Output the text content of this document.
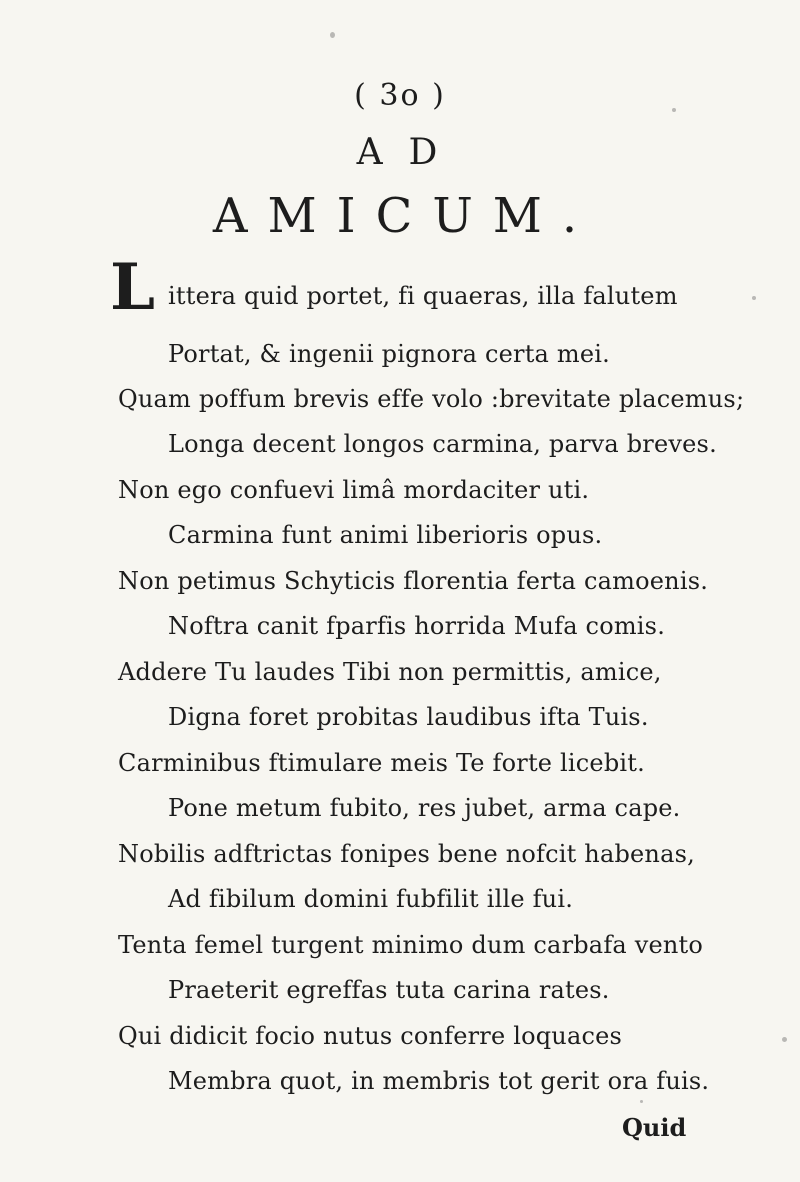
( 3o )
AD
AMICUM.
L ittera quid portet, fi quaeras, illa falutem
Portat, & ingenii pignora certa mei.
Quam poffum brevis effe volo :brevitate placemus;
Longa decent longos carmina, parva breves.
Non ego confuevi limâ mordaciter uti.
Carmina funt animi liberioris opus.
Non petimus Schyticis florentia ferta camoenis.
Noftra canit fparfis horrida Mufa comis.
Addere Tu laudes Tibi non permittis, amice,
Digna foret probitas laudibus ifta Tuis.
Carminibus ftimulare meis Te forte licebit.
Pone metum fubito, res jubet, arma cape.
Nobilis adftrictas fonipes bene nofcit habenas,
Ad fibilum domini fubfilit ille fui.
Tenta femel turgent minimo dum carbafa vento
Praeterit egreffas tuta carina rates.
Qui didicit focio nutus conferre loquaces
Membra quot, in membris tot gerit ora fuis.
Quid
